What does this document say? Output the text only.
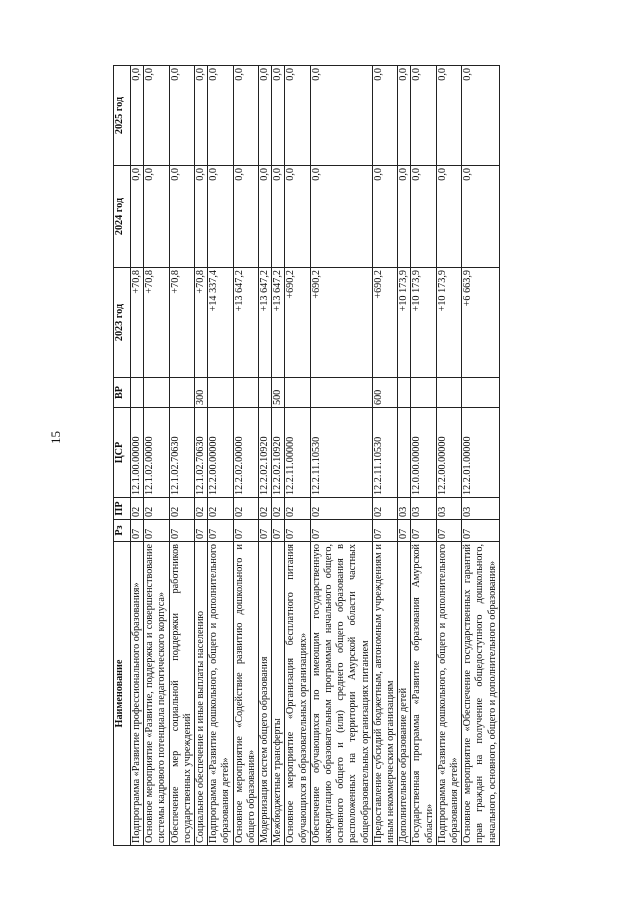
15
Наименование	Рз	ПР	ЦСР	ВР	2023 год	2024 год	2025 год
Подпрограмма «Развитие профессионального образования»	07	02	12.1.00.00000		+70,8	0,0	0,0
Основное мероприятие «Развитие, поддержка и совершенствование системы кадрового потенциала педагогического корпуса»	07	02	12.1.02.00000		+70,8	0,0	0,0
Обеспечение мер социальной поддержки работников государственных учреждений	07	02	12.1.02.70630		+70,8	0,0	0,0
Социальное обеспечение и иные выплаты населению	07	02	12.1.02.70630	300	+70,8	0,0	0,0
Подпрограмма «Развитие дошкольного, общего и дополнительного образования детей»	07	02	12.2.00.00000		+14 337,4	0,0	0,0
Основное мероприятие «Содействие развитию дошкольного и общего образования»	07	02	12.2.02.00000		+13 647,2	0,0	0,0
Модернизация систем общего образования	07	02	12.2.02.10920		+13 647,2	0,0	0,0
Межбюджетные трансферты	07	02	12.2.02.10920	500	+13 647,2	0,0	0,0
Основное мероприятие «Организация бесплатного питания обучающихся в образовательных организациях»	07	02	12.2.11.00000		+690,2	0,0	0,0
Обеспечение обучающихся по имеющим государственную аккредитацию образовательным программам начального общего, основного общего и (или) среднего общего образования в расположенных на территории Амурской области частных общеобразовательных организациях питанием	07	02	12.2.11.10530		+690,2	0,0	0,0
Предоставление субсидий бюджетным, автономным учреждениям и иным некоммерческим организациям	07	02	12.2.11.10530	600	+690,2	0,0	0,0
Дополнительное образование детей	07	03			+10 173,9	0,0	0,0
Государственная программа «Развитие образования Амурской области»	07	03	12.0.00.00000		+10 173,9	0,0	0,0
Подпрограмма «Развитие дошкольного, общего и дополнительного образования детей»	07	03	12.2.00.00000		+10 173,9	0,0	0,0
Основное мероприятие «Обеспечение государственных гарантий прав граждан на получение общедоступного дошкольного, начального, основного, общего и дополнительного образования»	07	03	12.2.01.00000		+6 663,9	0,0	0,0
